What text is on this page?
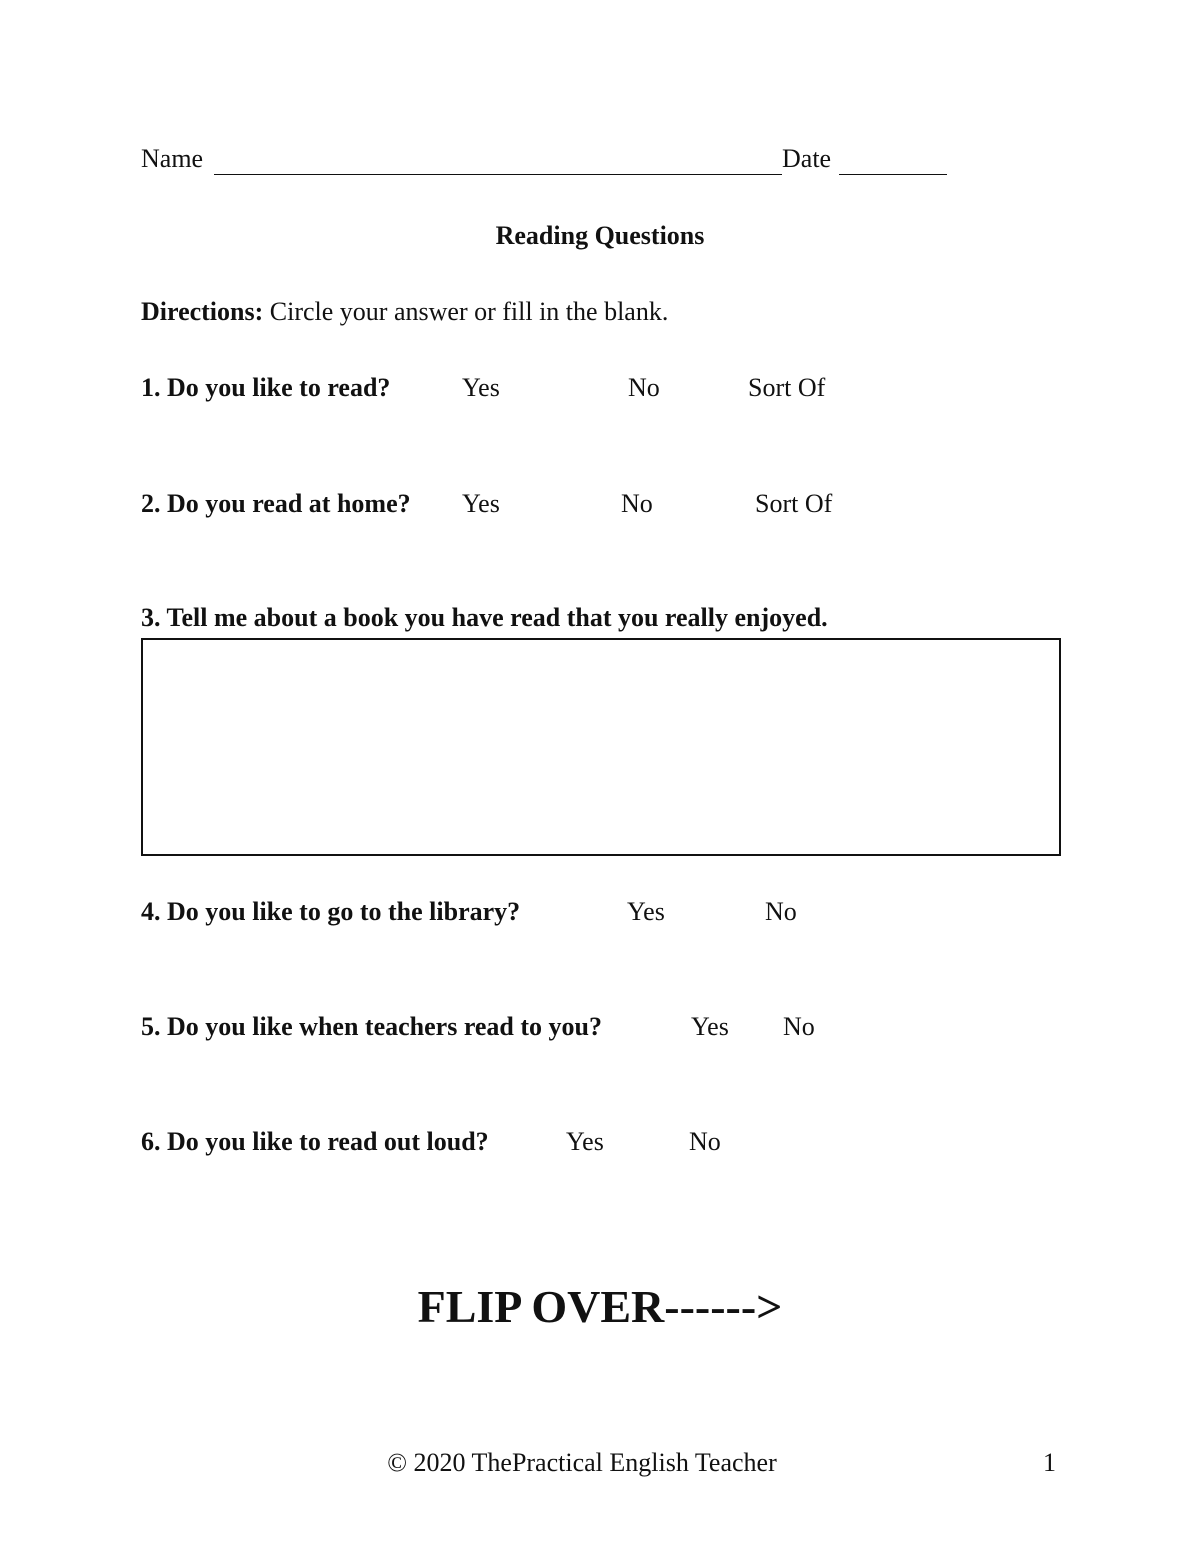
Name	Date
Reading Questions
Directions: Circle your answer or fill in the blank.
1. Do you like to read?	Yes	No	Sort Of
2. Do you read at home? Yes	No	Sort Of
3. Tell me about a book you have read that you really enjoyed.
4. Do you like to go to the library?	Yes	No
5. Do you like when teachers read to you?	Yes No
6. Do you like to read out loud?	Yes	No
FLIP OVER------>
© 2020 ThePractical English Teacher	1
